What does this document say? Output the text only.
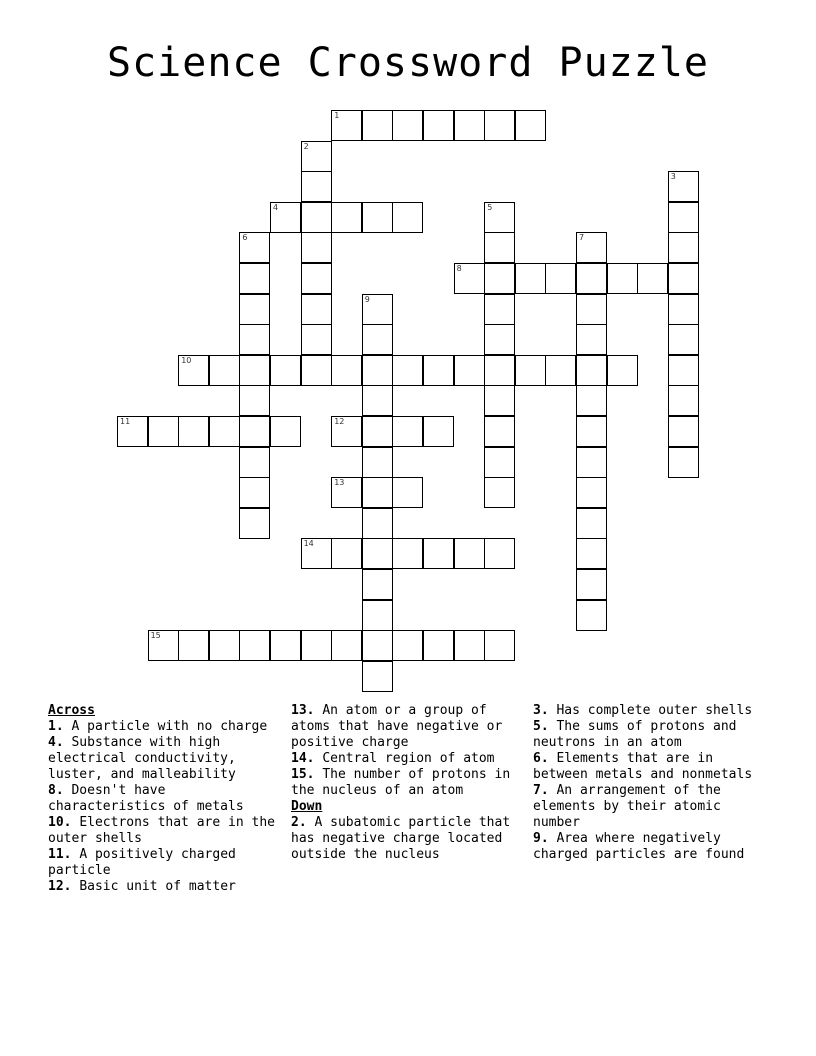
Science Crossword Puzzle
1
2
3
4	5
6	7
8
9
10
11	12
13
14
15
Across
1. A particle with no charge
4. Substance with high electrical conductivity, luster, and malleability
8. Doesn't have characteristics of metals
10. Electrons that are in the outer shells
11. A positively charged particle
12. Basic unit of matter
13. An atom or a group of atoms that have negative or positive charge
14. Central region of atom
15. The number of protons in the nucleus of an atom
Down
2. A subatomic particle that has negative charge located outside the nucleus
3. Has complete outer shells
5. The sums of protons and neutrons in an atom
6. Elements that are in between metals and nonmetals
7. An arrangement of the elements by their atomic number
9. Area where negatively charged particles are found
